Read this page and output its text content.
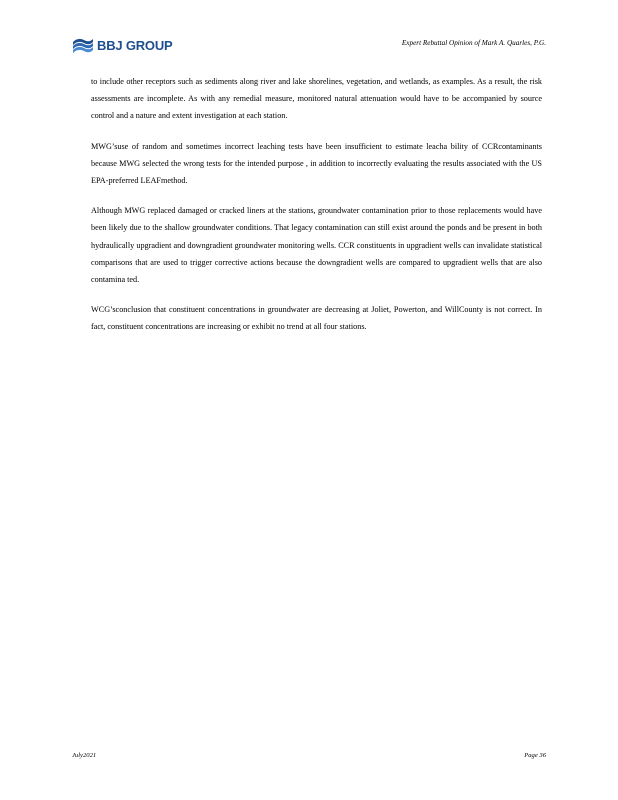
BBJ GROUP	Expert Rebuttal Opinion of Mark A. Quarles, P.G.

to include other receptors such as sediments along river and lake shorelines, vegetation, and wetlands, as examples. As a result, the risk assessments are incomplete. As with any remedial measure, monitored natural attenuation would have to be accompanied by source control and a nature and extent investigation at each station.

MWG’suse of random and sometimes incorrect leaching tests have been insufficient to estimate leacha bility of CCRcontaminants because MWG selected the wrong tests for the intended purpose , in addition to incorrectly evaluating the results associated with the US EPA-preferred LEAFmethod.
Although MWG replaced damaged or cracked liners at the stations, groundwater contamination prior to those replacements would have been likely due to the shallow groundwater conditions. That legacy contamination can still exist around the ponds and be present in both hydraulically upgradient and downgradient groundwater monitoring wells. CCR constituents in upgradient wells can invalidate statistical comparisons that are used to trigger corrective actions because the downgradient wells are compared to upgradient wells that are also contamina ted.
WCG’sconclusion that constituent concentrations in groundwater are decreasing at Joliet, Powerton, and WillCounty is not correct. In fact, constituent concentrations are increasing or exhibit no trend at all four stations.
July2021	Page 36
